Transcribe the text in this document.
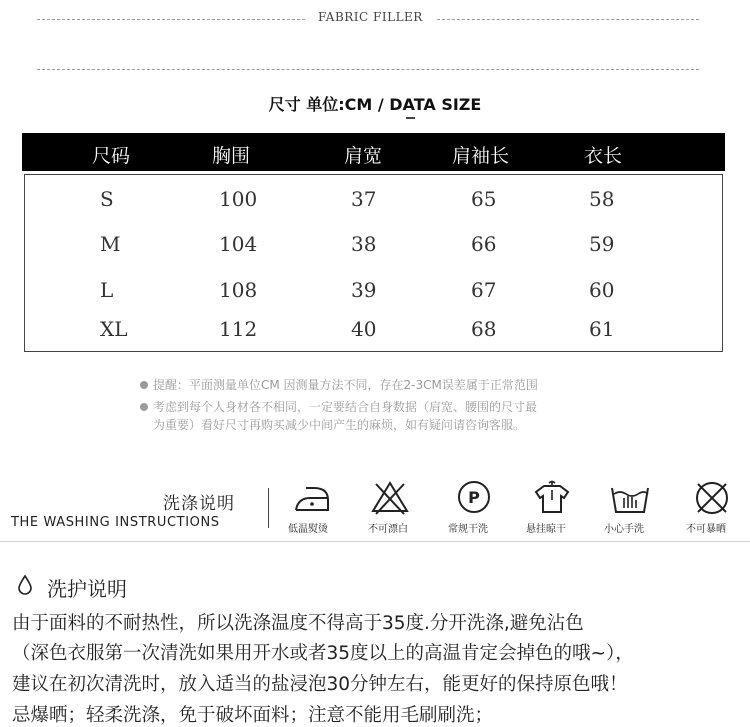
FABRIC FILLER
尺寸 单位:CM / DATA SIZE
尺码	胸围	肩宽	肩袖长	衣长
S	100	37	65	58
M	104	38	66	59
L	108	39	67	60
XL	112	40	68	61
提醒：平面测量单位CM 因测量方法不同，存在2-3CM误差属于正常范围
考虑到每个人身材各不相同，一定要结合自身数据（肩宽、腰围的尺寸最
为重要）看好尺寸再购买减少中间产生的麻烦，如有疑问请咨询客服。
洗涤说明
THE WASHING INSTRUCTIONS	低温熨烫	不可漂白
P
常规干洗	悬挂晾干	小心手洗	不可暴晒
洗护说明
由于面料的不耐热性，所以洗涤温度不得高于35度.分开洗涤,避免沾色
（深色衣服第一次清洗如果用开水或者35度以上的高温肯定会掉色的哦~），
建议在初次清洗时，放入适当的盐浸泡30分钟左右，能更好的保持原色哦！
忌爆晒；轻柔洗涤，免于破坏面料；注意不能用毛刷刷洗；
